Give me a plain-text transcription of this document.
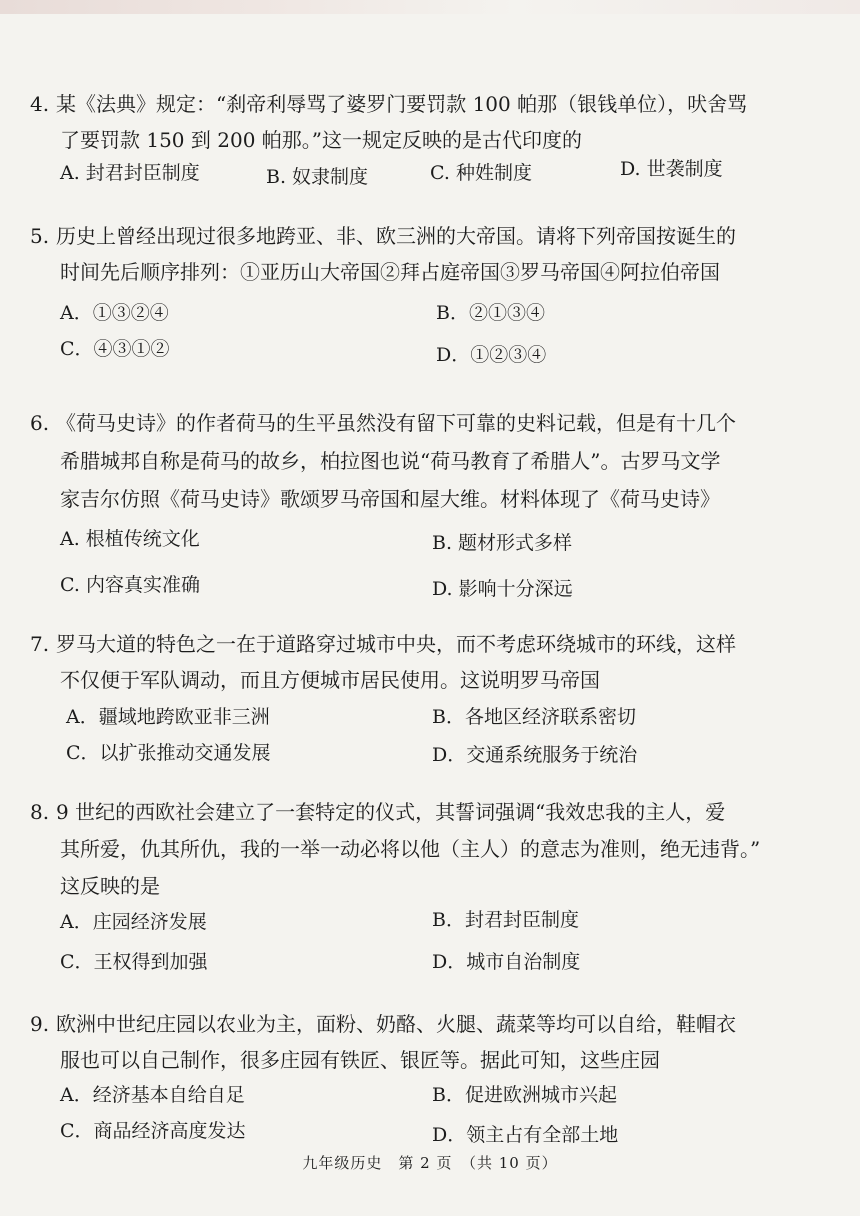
4. 某《法典》规定：“刹帝利辱骂了婆罗门要罚款 100 帕那（银钱单位），吠舍骂
了要罚款 150 到 200 帕那。”这一规定反映的是古代印度的

A. 封君封臣制度	B. 奴隶制度	C. 种姓制度	D. 世袭制度

5. 历史上曾经出现过很多地跨亚、非、欧三洲的大帝国。请将下列帝国按诞生的
时间先后顺序排列：①亚历山大帝国②拜占庭帝国③罗马帝国④阿拉伯帝国

A．①③②④	B．②①③④
C．④③①②	D．①②③④

6. 《荷马史诗》的作者荷马的生平虽然没有留下可靠的史料记载，但是有十几个
希腊城邦自称是荷马的故乡，柏拉图也说“荷马教育了希腊人”。古罗马文学
家吉尔仿照《荷马史诗》歌颂罗马帝国和屋大维。材料体现了《荷马史诗》

A. 根植传统文化	B. 题材形式多样
C. 内容真实准确	D. 影响十分深远

7. 罗马大道的特色之一在于道路穿过城市中央，而不考虑环绕城市的环线，这样
不仅便于军队调动，而且方便城市居民使用。这说明罗马帝国

A．疆域地跨欧亚非三洲	B．各地区经济联系密切
C．以扩张推动交通发展	D．交通系统服务于统治

8. 9 世纪的西欧社会建立了一套特定的仪式，其誓词强调“我效忠我的主人，爱
其所爱，仇其所仇，我的一举一动必将以他（主人）的意志为准则，绝无违背。”
这反映的是

A．庄园经济发展	B．封君封臣制度
C．王权得到加强	D．城市自治制度

9. 欧洲中世纪庄园以农业为主，面粉、奶酪、火腿、蔬菜等均可以自给，鞋帽衣
服也可以自己制作，很多庄园有铁匠、银匠等。据此可知，这些庄园

A．经济基本自给自足	B．促进欧洲城市兴起
C．商品经济高度发达	D．领主占有全部土地
九年级历史　第 2 页　（共 10 页）
